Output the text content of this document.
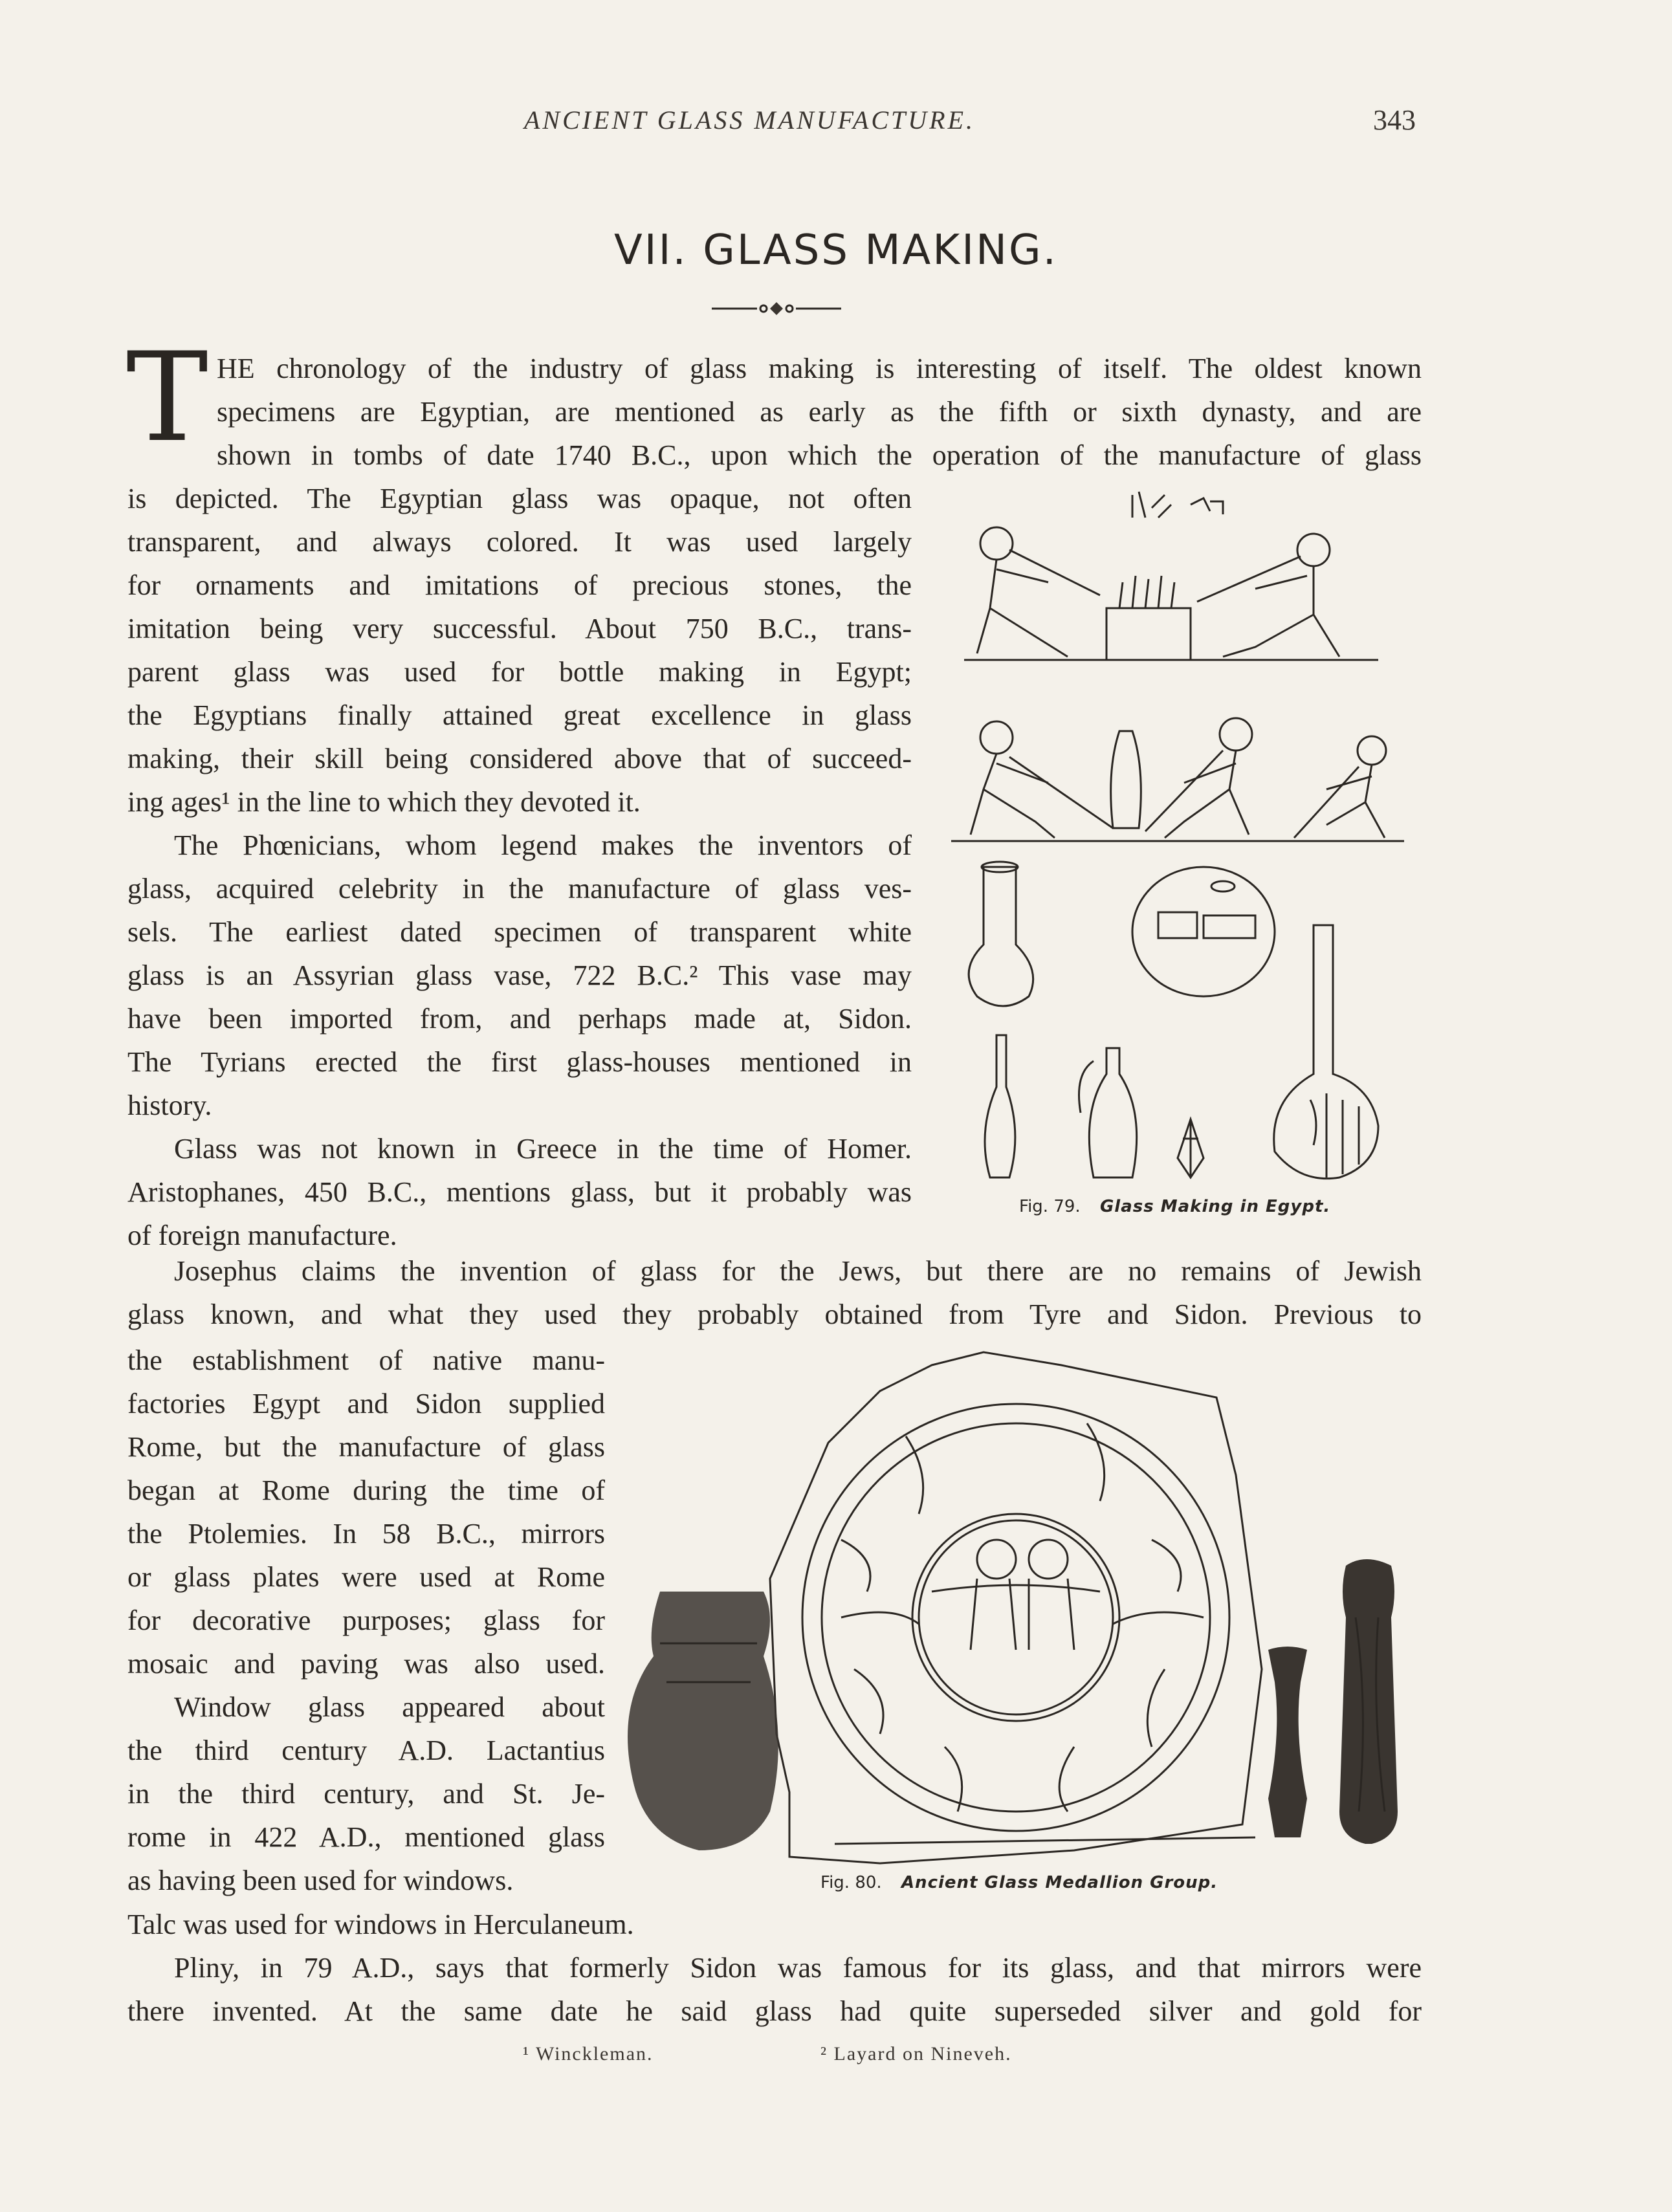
ANCIENT GLASS MANUFACTURE.	343
VII. GLASS MAKING.
T HE chronology of the industry of glass making is interesting of itself. The oldest known
specimens are Egyptian, are mentioned as early as the fifth or sixth dynasty, and are
shown in tombs of date 1740 B.C., upon which the operation of the manufacture of glass
is depicted. The Egyptian glass was opaque, not often
transparent, and always colored. It was used largely
for ornaments and imitations of precious stones, the
imitation being very successful. About 750 B.C., trans-
parent glass was used for bottle making in Egypt;
the Egyptians finally attained great excellence in glass
making, their skill being considered above that of succeed-
ing ages¹ in the line to which they devoted it.
The Phœnicians, whom legend makes the inventors of
glass, acquired celebrity in the manufacture of glass ves-
sels. The earliest dated specimen of transparent white
glass is an Assyrian glass vase, 722 B.C.² This vase may
have been imported from, and perhaps made at, Sidon.
The Tyrians erected the first glass-houses mentioned in
history.
Glass was not known in Greece in the time of Homer.
Aristophanes, 450 B.C., mentions glass, but it probably was
of foreign manufacture.
Josephus claims the invention of glass for the Jews, but there are no remains of Jewish
glass known, and what they used they probably obtained from Tyre and Sidon. Previous to
the establishment of native manu-
factories Egypt and Sidon supplied
Rome, but the manufacture of glass
began at Rome during the time of
the Ptolemies. In 58 B.C., mirrors
or glass plates were used at Rome
for decorative purposes; glass for
mosaic and paving was also used.
Window glass appeared about
the third century A.D. Lactantius
in the third century, and St. Je-
rome in 422 A.D., mentioned glass
as having been used for windows.
Talc was used for windows in Herculaneum.
Pliny, in 79 A.D., says that formerly Sidon was famous for its glass, and that mirrors were
there invented. At the same date he said glass had quite superseded silver and gold for
Fig. 79. Glass Making in Egypt.
Fig. 80. Ancient Glass Medallion Group.
¹ Winckleman.	² Layard on Nineveh.
